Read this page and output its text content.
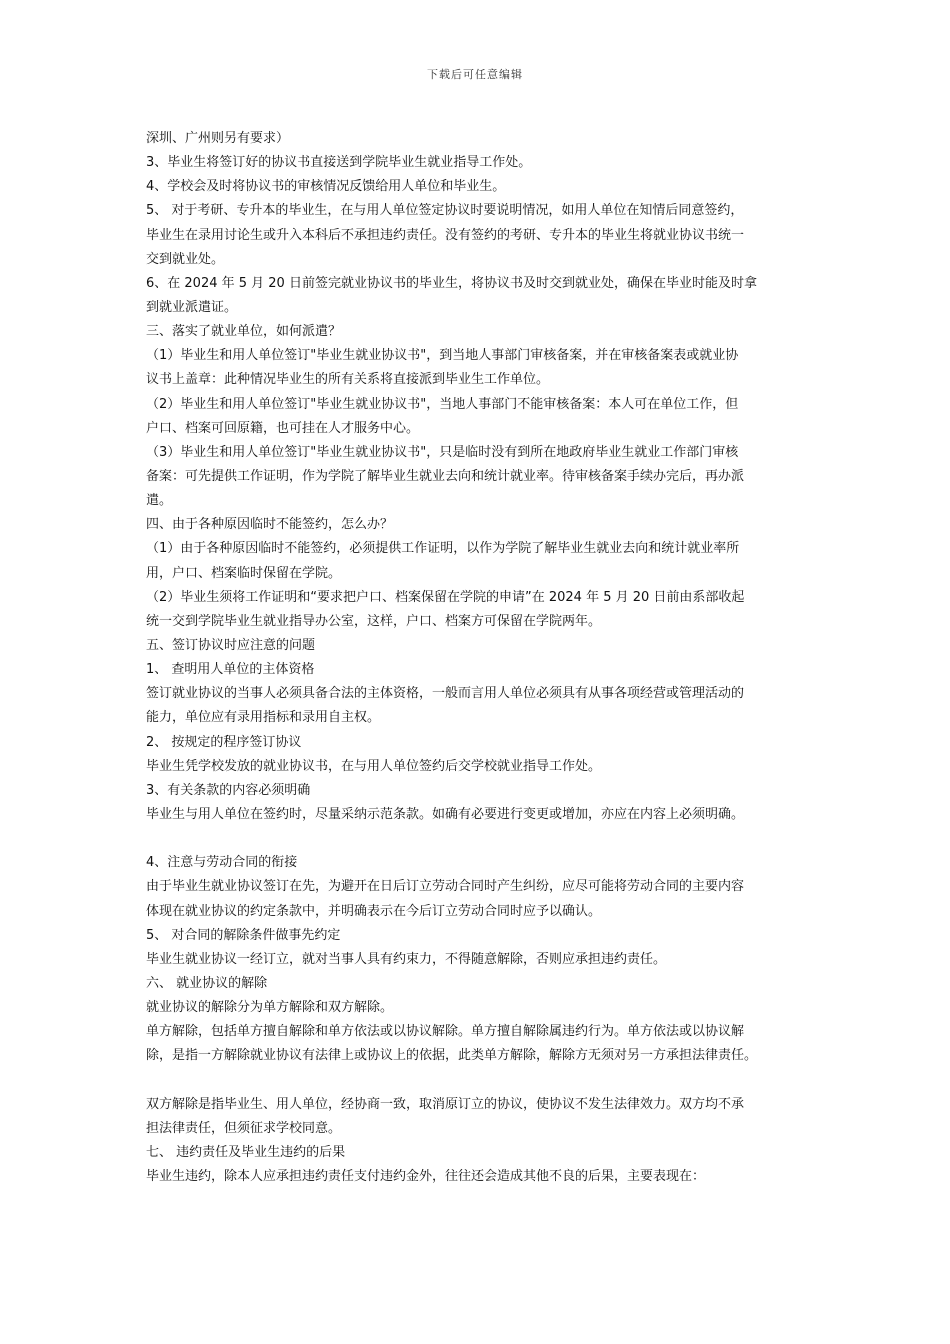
下载后可任意编辑
深圳、广州则另有要求）
3、毕业生将签订好的协议书直接送到学院毕业生就业指导工作处。
4、学校会及时将协议书的审核情况反馈给用人单位和毕业生。
5、 对于考研、专升本的毕业生，在与用人单位签定协议时要说明情况，如用人单位在知情后同意签约，
毕业生在录用讨论生或升入本科后不承担违约责任。没有签约的考研、专升本的毕业生将就业协议书统一
交到就业处。
6、在 2024 年 5 月 20 日前签完就业协议书的毕业生，将协议书及时交到就业处，确保在毕业时能及时拿
到就业派遣证。
三、落实了就业单位，如何派遣？
（1）毕业生和用人单位签订"毕业生就业协议书"，到当地人事部门审核备案，并在审核备案表或就业协
议书上盖章：此种情况毕业生的所有关系将直接派到毕业生工作单位。
（2）毕业生和用人单位签订"毕业生就业协议书"，当地人事部门不能审核备案：本人可在单位工作，但
户口、档案可回原籍，也可挂在人才服务中心。
（3）毕业生和用人单位签订"毕业生就业协议书"，只是临时没有到所在地政府毕业生就业工作部门审核
备案：可先提供工作证明，作为学院了解毕业生就业去向和统计就业率。待审核备案手续办完后，再办派
遣。
四、由于各种原因临时不能签约，怎么办？
（1）由于各种原因临时不能签约，必须提供工作证明，以作为学院了解毕业生就业去向和统计就业率所
用，户口、档案临时保留在学院。
（2）毕业生须将工作证明和“要求把户口、档案保留在学院的申请”在 2024 年 5 月 20 日前由系部收起
统一交到学院毕业生就业指导办公室，这样，户口、档案方可保留在学院两年。
五、签订协议时应注意的问题
1、 查明用人单位的主体资格
签订就业协议的当事人必须具备合法的主体资格，一般而言用人单位必须具有从事各项经营或管理活动的
能力，单位应有录用指标和录用自主权。
2、 按规定的程序签订协议
毕业生凭学校发放的就业协议书，在与用人单位签约后交学校就业指导工作处。
3、有关条款的内容必须明确
毕业生与用人单位在签约时，尽量采纳示范条款。如确有必要进行变更或增加，亦应在内容上必须明确。
4、注意与劳动合同的衔接
由于毕业生就业协议签订在先，为避开在日后订立劳动合同时产生纠纷，应尽可能将劳动合同的主要内容
体现在就业协议的约定条款中，并明确表示在今后订立劳动合同时应予以确认。
5、 对合同的解除条件做事先约定
毕业生就业协议一经订立，就对当事人具有约束力，不得随意解除，否则应承担违约责任。
六、 就业协议的解除
就业协议的解除分为单方解除和双方解除。
单方解除，包括单方擅自解除和单方依法或以协议解除。单方擅自解除属违约行为。单方依法或以协议解
除，是指一方解除就业协议有法律上或协议上的依据，此类单方解除，解除方无须对另一方承担法律责任。
双方解除是指毕业生、用人单位，经协商一致，取消原订立的协议，使协议不发生法律效力。双方均不承
担法律责任，但须征求学校同意。
七、 违约责任及毕业生违约的后果
毕业生违约，除本人应承担违约责任支付违约金外，往往还会造成其他不良的后果，主要表现在：
